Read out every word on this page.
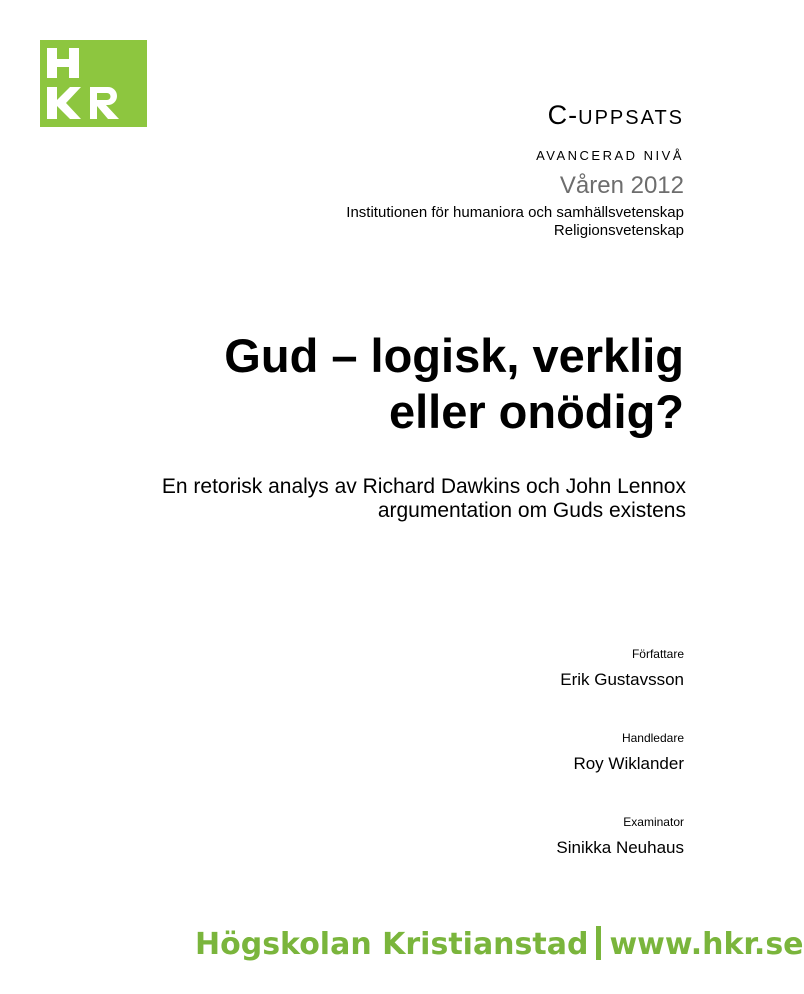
C-UPPSATS
AVANCERAD NIVÅ
Våren 2012
Institutionen för humaniora och samhällsvetenskap
Religionsvetenskap
Gud – logisk, verklig
eller onödig?
En retorisk analys av Richard Dawkins och John Lennox
argumentation om Guds existens
Författare
Erik Gustavsson
Handledare
Roy Wiklander
Examinator
Sinikka Neuhaus
Högskolan Kristianstad www.hkr.se
